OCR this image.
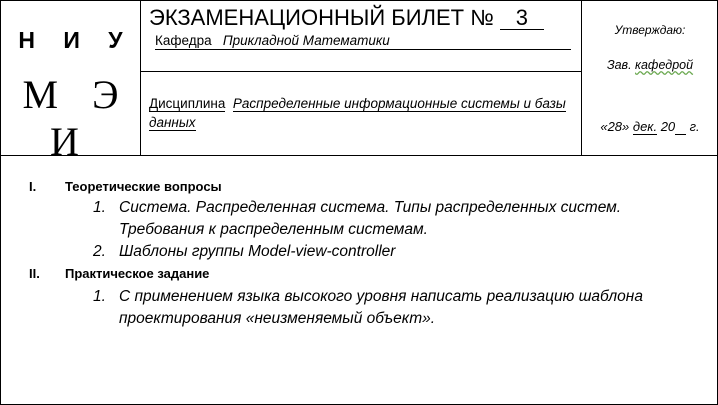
Н И У
М Э И
ЭКЗАМЕНАЦИОННЫЙ БИЛЕТ № 3
Кафедра Прикладной Математики
Дисциплина Распределенные информационные системы и базы данных
Утверждаю:
Зав. кафедрой
«28» дек. 20 г.
I. Теоретические вопросы
1. Система. Распределенная система. Типы распределенных систем.
Требования к распределенным системам.
2. Шаблоны группы Model-view-controller
II. Практическое задание
1. С применением языка высокого уровня написать реализацию шаблона
проектирования «неизменяемый объект».
